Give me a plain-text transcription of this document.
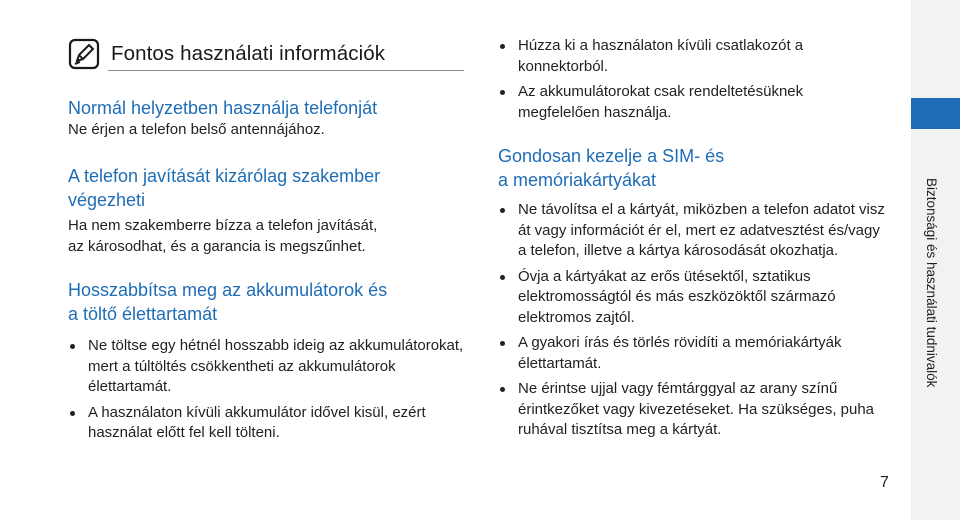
Biztonsági és használati tudnivalók
7
Fontos használati információk

Normál helyzetben használja telefonját

Ne érjen a telefon belső antennájához.

A telefon javítását kizárólag szakember

végezheti

Ha nem szakemberre bízza a telefon javítását,

az károsodhat, és a garancia is megszűnhet.

Hosszabbítsa meg az akkumulátorok és

a töltő élettartamát

Ne töltse egy hétnél hosszabb ideig az akkumulátorokat, mert a túltöltés csökkentheti az akkumulátorok élettartamát.
A használaton kívüli akkumulátor idővel kisül, ezért használat előtt fel kell tölteni.
Húzza ki a használaton kívüli csatlakozót a konnektorból.
Az akkumulátorokat csak rendeltetésüknek megfelelően használja.

Gondosan kezelje a SIM- és

a memóriakártyákat

Ne távolítsa el a kártyát, miközben a telefon adatot visz át vagy információt ér el, mert ez adatvesztést és/vagy a telefon, illetve a kártya károsodását okozhatja.
Óvja a kártyákat az erős ütésektől, sztatikus elektromosságtól és más eszközöktől származó elektromos zajtól.
A gyakori írás és törlés rövidíti a memóriakártyák élettartamát.
Ne érintse ujjal vagy fémtárggyal az arany színű érintkezőket vagy kivezetéseket. Ha szükséges, puha ruhával tisztítsa meg a kártyát.
